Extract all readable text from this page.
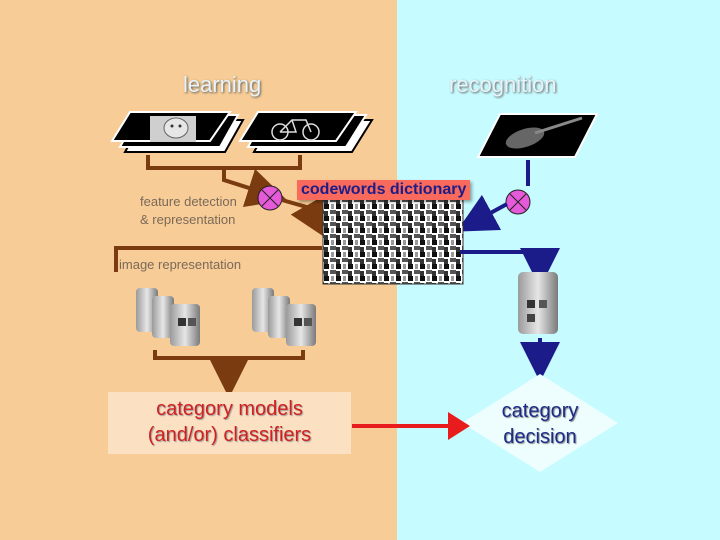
learning	recognition
feature detection
& representation
codewords dictionary
image representation
category models
(and/or) classifiers
category
decision
